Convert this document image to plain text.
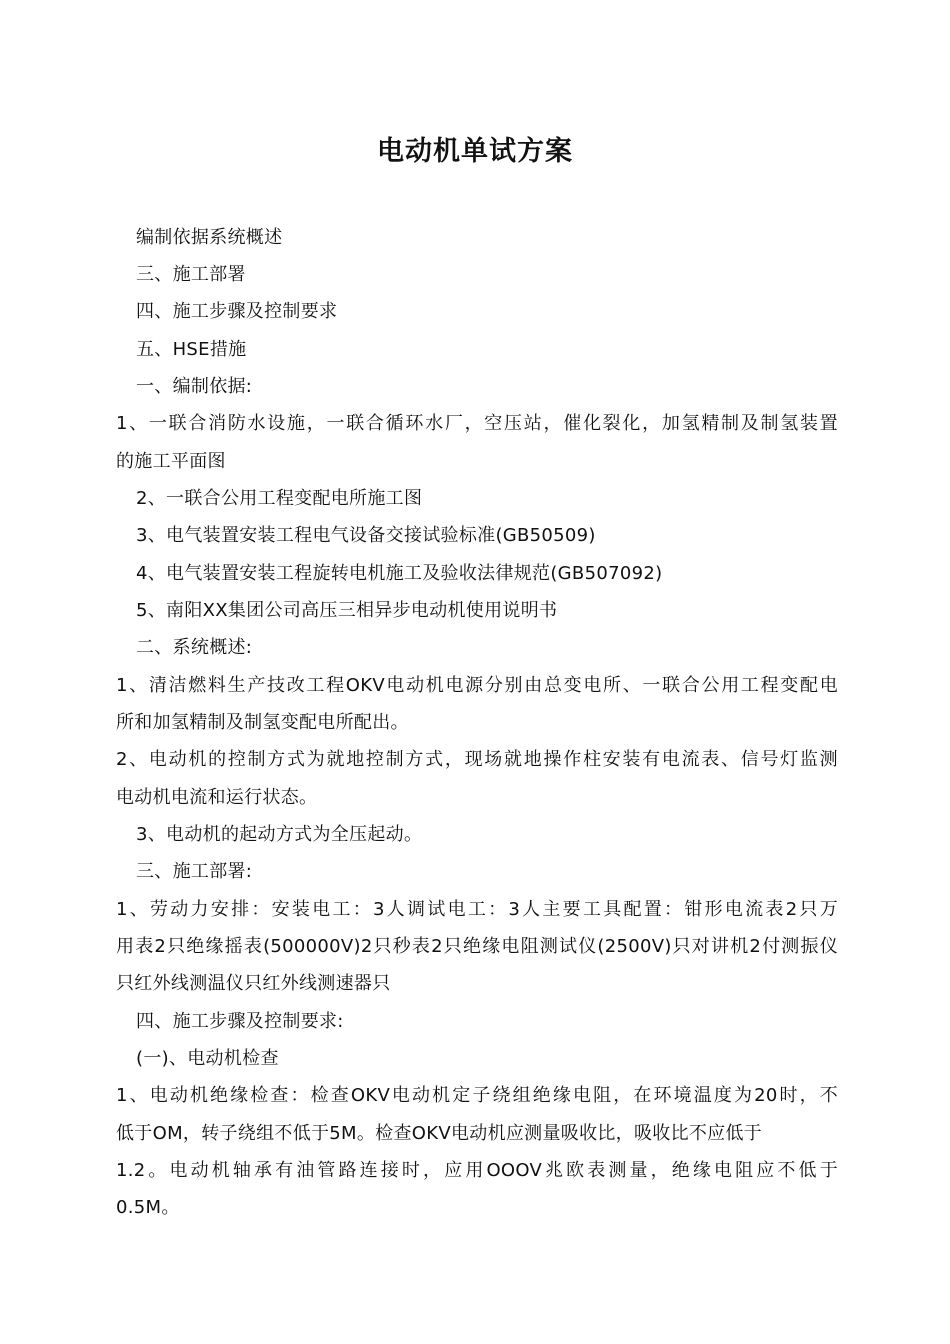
电动机单试方案
编制依据系统概述
三、施工部署
四、施工步骤及控制要求
五、HSE措施
一、编制依据:
1、一联合消防水设施，一联合循环水厂，空压站，催化裂化，加氢精制及制氢装置
的施工平面图
2、一联合公用工程变配电所施工图
3、电气装置安装工程电气设备交接试验标准(GB50509)
4、电气装置安装工程旋转电机施工及验收法律规范(GB507092)
5、南阳XX集团公司高压三相异步电动机使用说明书
二、系统概述:
1、清洁燃料生产技改工程OKV电动机电源分别由总变电所、一联合公用工程变配电
所和加氢精制及制氢变配电所配出。
2、电动机的控制方式为就地控制方式，现场就地操作柱安装有电流表、信号灯监测
电动机电流和运行状态。
3、电动机的起动方式为全压起动。
三、施工部署:
1、劳动力安排：安装电工：3人调试电工：3人主要工具配置：钳形电流表2只万
用表2只绝缘摇表(500000V)2只秒表2只绝缘电阻测试仪(2500V)只对讲机2付测振仪
只红外线测温仪只红外线测速器只
四、施工步骤及控制要求:
(一)、电动机检查
1、电动机绝缘检查：检查OKV电动机定子绕组绝缘电阻，在环境温度为20时，不
低于OM，转子绕组不低于5M。检查OKV电动机应测量吸收比，吸收比不应低于
1.2。电动机轴承有油管路连接时，应用OOOV兆欧表测量，绝缘电阻应不低于
0.5M。
